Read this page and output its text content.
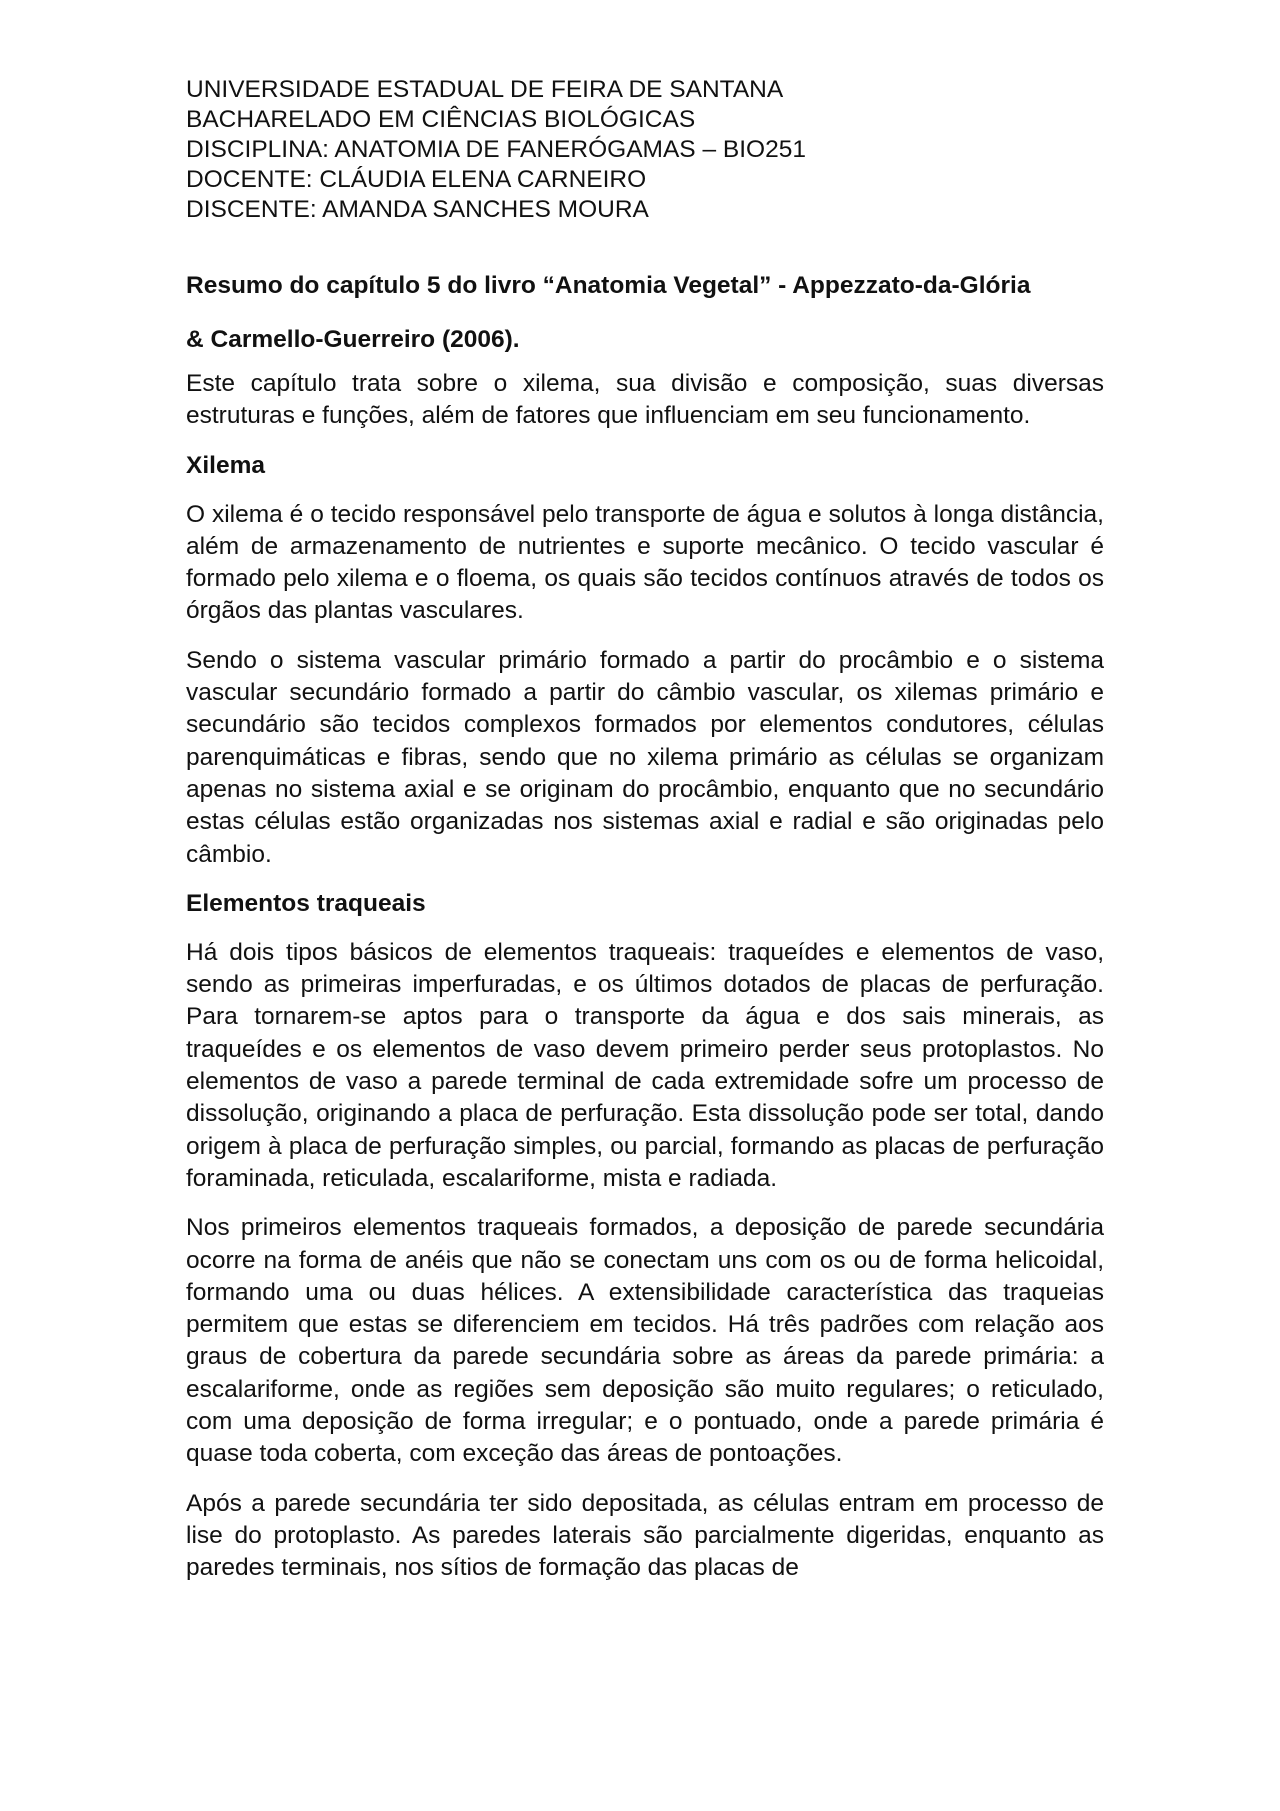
UNIVERSIDADE ESTADUAL DE FEIRA DE SANTANA

BACHARELADO EM CIÊNCIAS BIOLÓGICAS

DISCIPLINA: ANATOMIA DE FANERÓGAMAS – BIO251

DOCENTE: CLÁUDIA ELENA CARNEIRO

DISCENTE: AMANDA SANCHES MOURA

Resumo do capítulo 5 do livro “Anatomia Vegetal” - Appezzato-da-Glória

& Carmello-Guerreiro (2006).

Este capítulo trata sobre o xilema, sua divisão e composição, suas diversas estruturas e funções, além de fatores que influenciam em seu funcionamento.

Xilema

O xilema é o tecido responsável pelo transporte de água e solutos à longa distância, além de armazenamento de nutrientes e suporte mecânico. O tecido vascular é formado pelo xilema e o floema, os quais são tecidos contínuos através de todos os órgãos das plantas vasculares.

Sendo o sistema vascular primário formado a partir do procâmbio e o sistema vascular secundário formado a partir do câmbio vascular, os xilemas primário e secundário são tecidos complexos formados por elementos condutores, células parenquimáticas e fibras, sendo que no xilema primário as células se organizam apenas no sistema axial e se originam do procâmbio, enquanto que no secundário estas células estão organizadas nos sistemas axial e radial e são originadas pelo câmbio.

Elementos traqueais

Há dois tipos básicos de elementos traqueais: traqueídes e elementos de vaso, sendo as primeiras imperfuradas, e os últimos dotados de placas de perfuração. Para tornarem-se aptos para o transporte da água e dos sais minerais, as traqueídes e os elementos de vaso devem primeiro perder seus protoplastos. No elementos de vaso a parede terminal de cada extremidade sofre um processo de dissolução, originando a placa de perfuração. Esta dissolução pode ser total, dando origem à placa de perfuração simples, ou parcial, formando as placas de perfuração foraminada, reticulada, escalariforme, mista e radiada.

Nos primeiros elementos traqueais formados, a deposição de parede secundária ocorre na forma de anéis que não se conectam uns com os ou de forma helicoidal, formando uma ou duas hélices. A extensibilidade característica das traqueias permitem que estas se diferenciem em tecidos. Há três padrões com relação aos graus de cobertura da parede secundária sobre as áreas da parede primária: a escalariforme, onde as regiões sem deposição são muito regulares; o reticulado, com uma deposição de forma irregular; e o pontuado, onde a parede primária é quase toda coberta, com exceção das áreas de pontoações.

Após a parede secundária ter sido depositada, as células entram em processo de lise do protoplasto. As paredes laterais são parcialmente digeridas, enquanto as paredes terminais, nos sítios de formação das placas de
